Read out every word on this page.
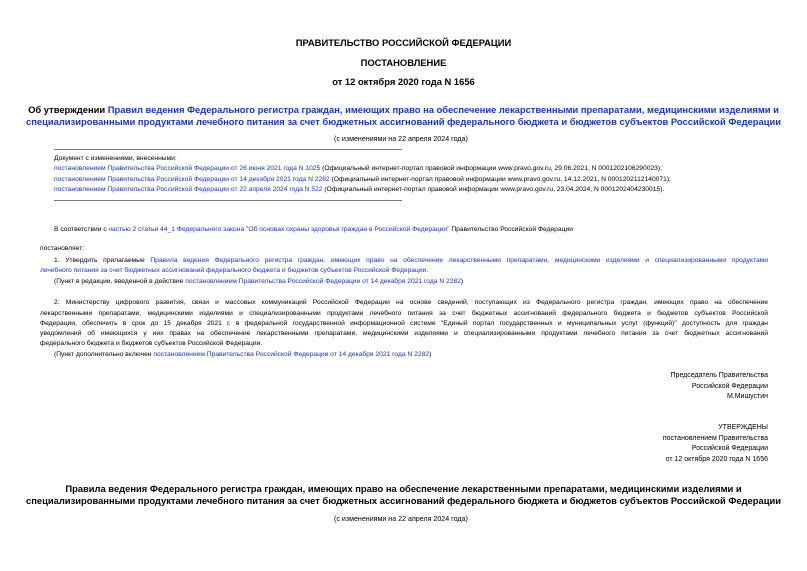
ПРАВИТЕЛЬСТВО РОССИЙСКОЙ ФЕДЕРАЦИИ
ПОСТАНОВЛЕНИЕ
от 12 октября 2020 года N 1656
Об утверждении Правил ведения Федерального регистра граждан, имеющих право на обеспечение лекарственными препаратами, медицинскими изделиями и
специализированными продуктами лечебного питания за счет бюджетных ассигнований федерального бюджета и бюджетов субъектов Российской Федерации
(с изменениями на 22 апреля 2024 года)
Документ с изменениями, внесенными:
постановлением Правительства Российской Федерации от 26 июня 2021 года N 1025 (Официальный интернет-портал правовой информации www.pravo.gov.ru, 29.06.2021, N 0001202106290023);
постановлением Правительства Российской Федерации от 14 декабря 2021 года N 2282 (Официальный интернет-портал правовой информации www.pravo.gov.ru, 14.12.2021, N 0001202112140071);
постановлением Правительства Российской Федерации от 22 апреля 2024 года N 522 (Официальный интернет-портал правовой информации www.pravo.gov.ru, 23.04.2024, N 0001202404230015).
В соответствии с частью 2 статьи 44_1 Федерального закона "Об основах охраны здоровья граждан в Российской Федерации" Правительство Российской Федерации
постановляет:
1. Утвердить прилагаемые Правила ведения Федерального регистра граждан, имеющих право на обеспечение лекарственными препаратами, медицинскими изделиями и специализированными продуктами
лечебного питания за счет бюджетных ассигнований федерального бюджета и бюджетов субъектов Российской Федерации.
(Пункт в редакции, введенной в действие постановлением Правительства Российской Федерации от 14 декабря 2021 года N 2282)
2. Министерству цифрового развития, связи и массовых коммуникаций Российской Федерации на основе сведений, поступающих из Федерального регистра граждан, имеющих право на обеспечение
лекарственными препаратами, медицинскими изделиями и специализированными продуктами лечебного питания за счет бюджетных ассигнований федерального бюджета и бюджетов субъектов Российской
Федерации, обеспечить в срок до 15 декабря 2021 г. в федеральной государственной информационной системе "Единый портал государственных и муниципальных услуг (функций)" доступность для граждан
уведомлений об имеющихся у них правах на обеспечение лекарственными препаратами, медицинскими изделиями и специализированными продуктами лечебного питания за счет бюджетных ассигнований
федерального бюджета и бюджетов субъектов Российской Федерации.
(Пункт дополнительно включен постановлением Правительства Российской Федерации от 14 декабря 2021 года N 2282)
Председатель Правительства
Российской Федерации
М.Мишустин
УТВЕРЖДЕНЫ
постановлением Правительства
Российской Федерации
от 12 октября 2020 года N 1656
Правила ведения Федерального регистра граждан, имеющих право на обеспечение лекарственными препаратами, медицинскими изделиями и
специализированными продуктами лечебного питания за счет бюджетных ассигнований федерального бюджета и бюджетов субъектов Российской Федерации
(с изменениями на 22 апреля 2024 года)
